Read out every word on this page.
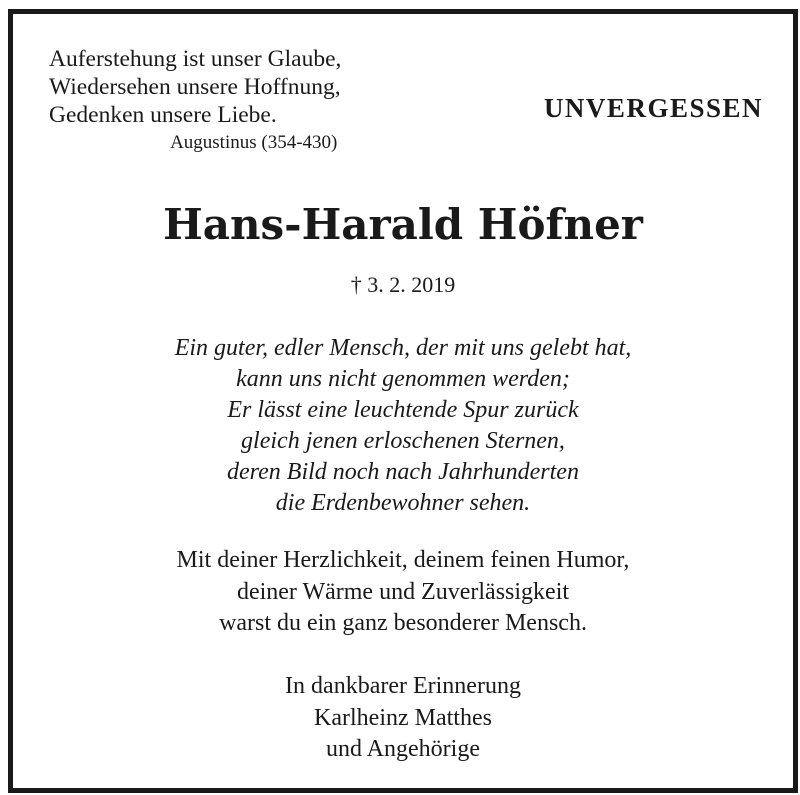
Auferstehung ist unser Glaube,
Wiedersehen unsere Hoffnung,
Gedenken unsere Liebe.
Augustinus (354-430)
UNVERGESSEN
Hans-Harald Höfner
† 3. 2. 2019
Ein guter, edler Mensch, der mit uns gelebt hat,
kann uns nicht genommen werden;
Er lässt eine leuchtende Spur zurück
gleich jenen erloschenen Sternen,
deren Bild noch nach Jahrhunderten
die Erdenbewohner sehen.
Mit deiner Herzlichkeit, deinem feinen Humor,
deiner Wärme und Zuverlässigkeit
warst du ein ganz besonderer Mensch.
In dankbarer Erinnerung
Karlheinz Matthes
und Angehörige
